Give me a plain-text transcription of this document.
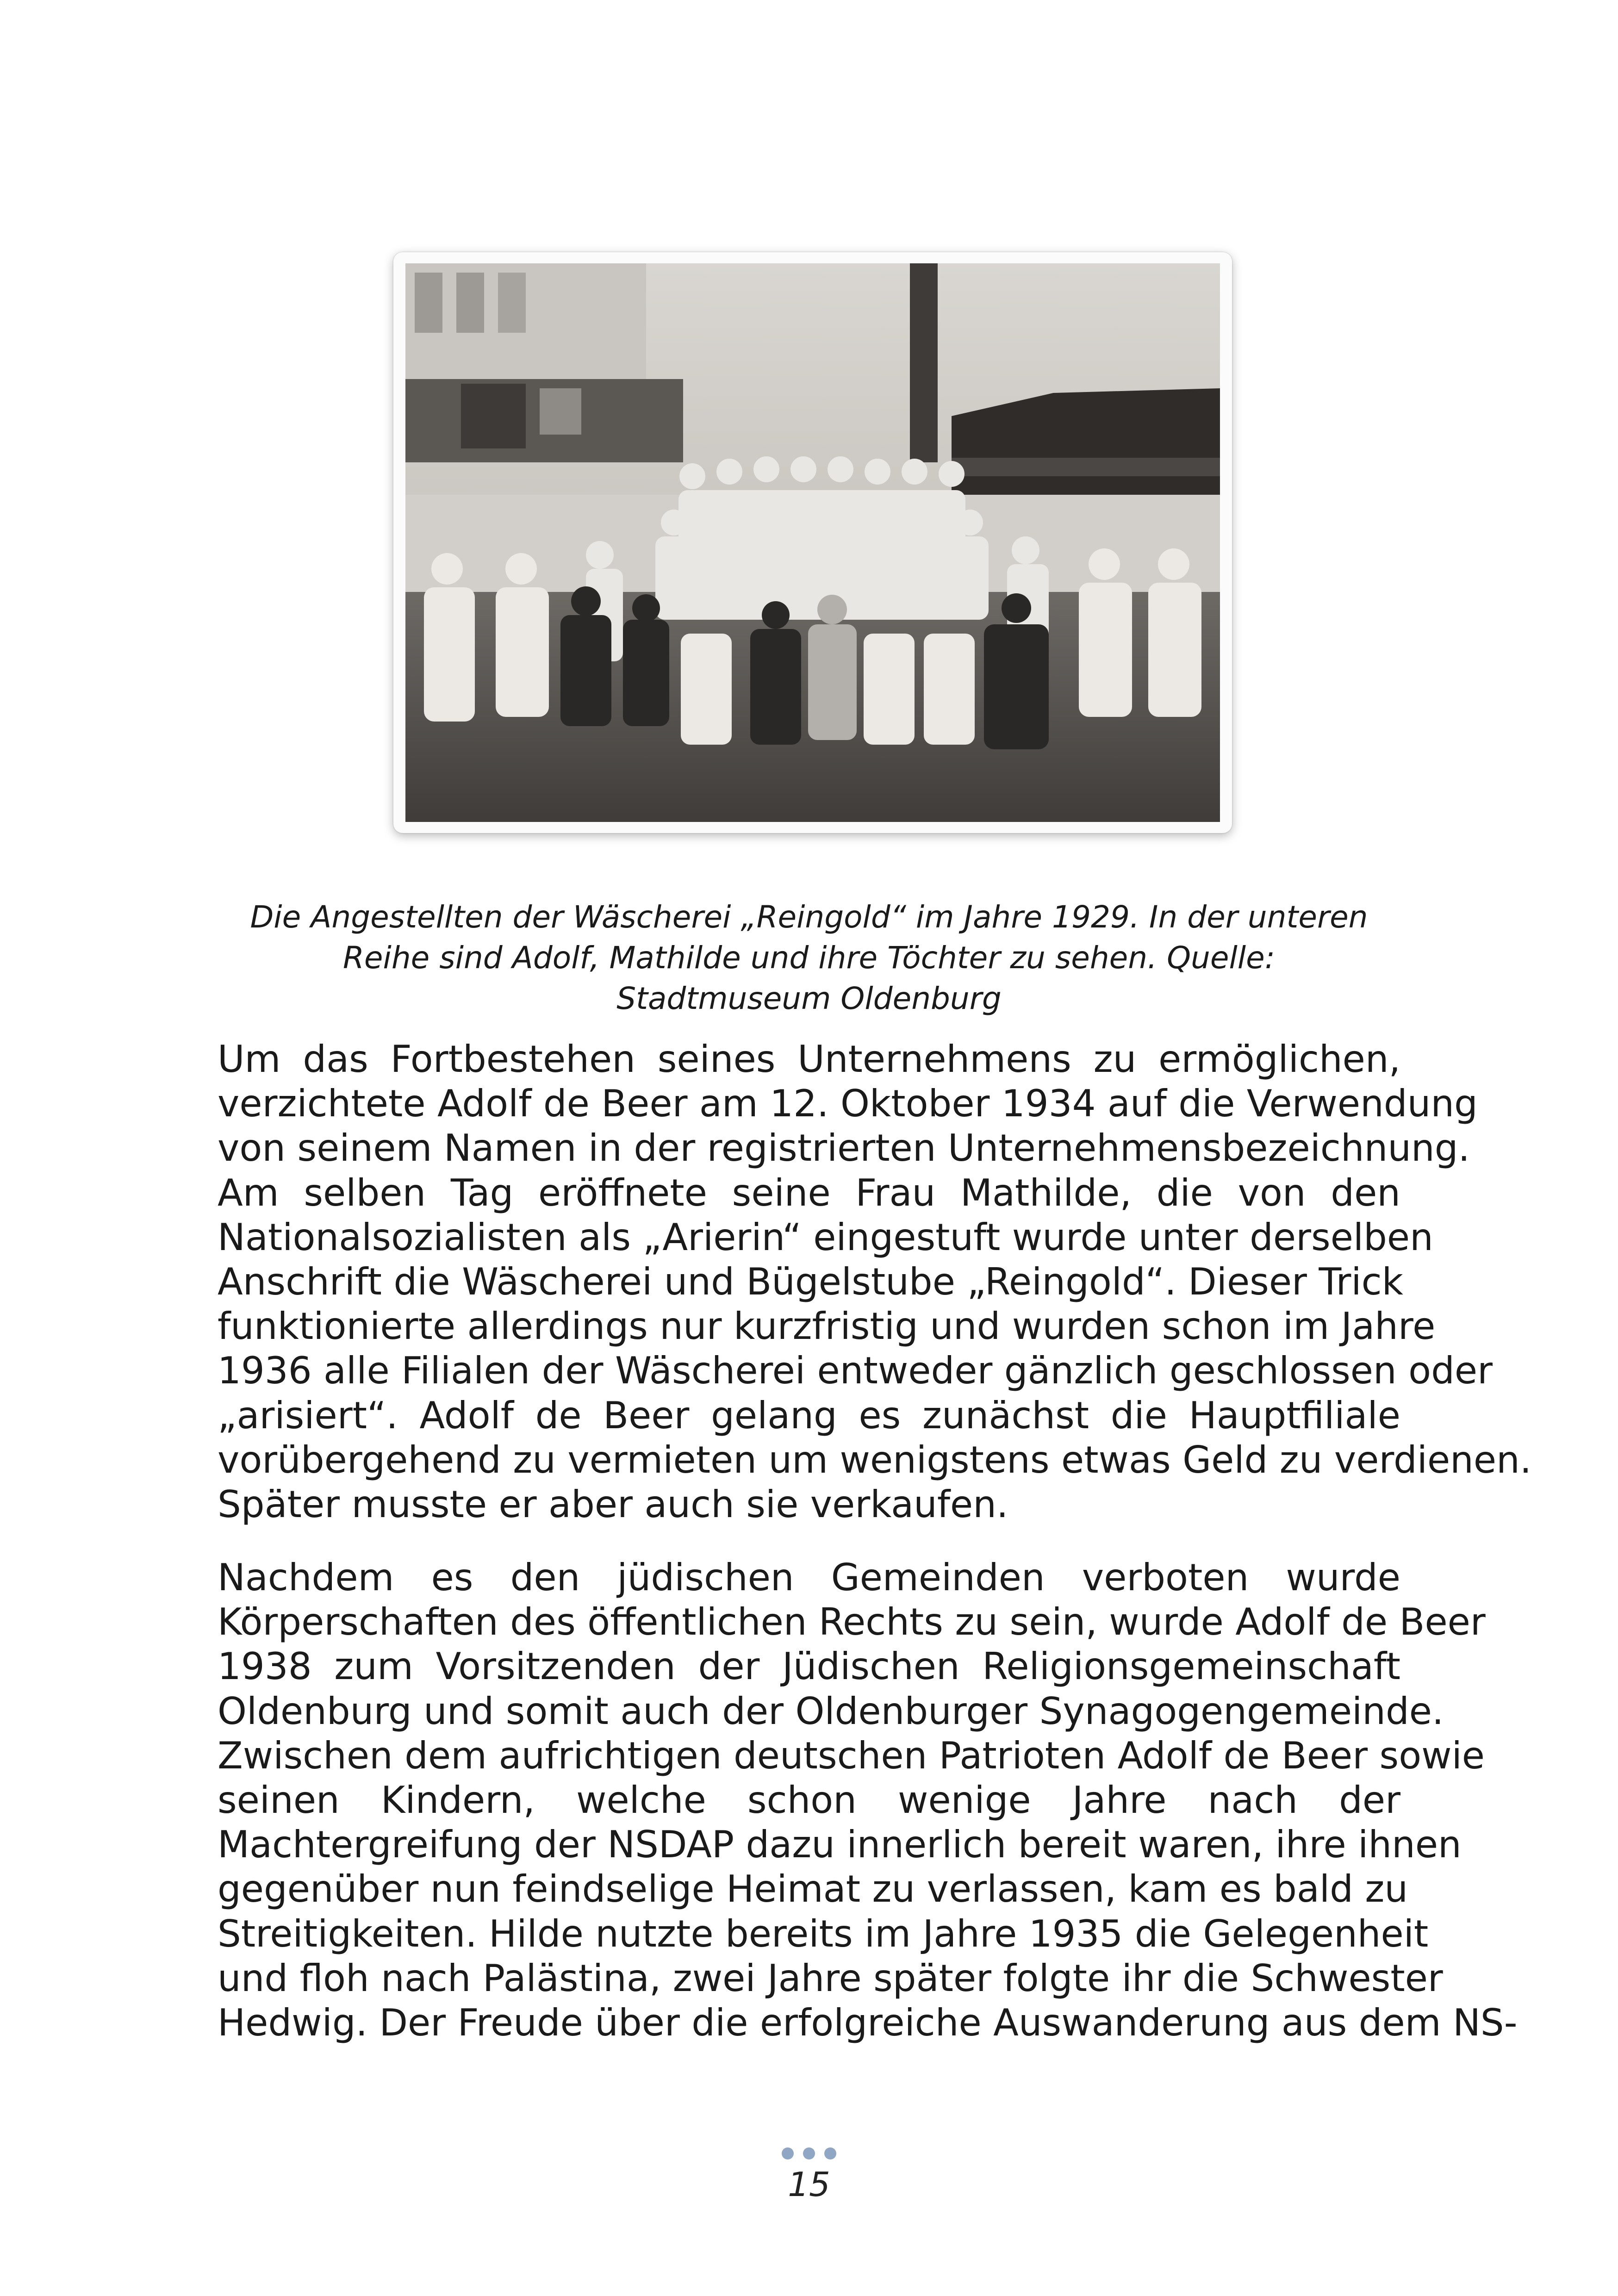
Die Angestellten der Wäscherei „Reingold“ im Jahre 1929. In der unteren
Reihe sind Adolf, Mathilde und ihre Töchter zu sehen. Quelle:
Stadtmuseum Oldenburg
Um das Fortbestehen seines Unternehmens zu ermöglichen,
verzichtete Adolf de Beer am 12. Oktober 1934 auf die Verwendung
von seinem Namen in der registrierten Unternehmensbezeichnung.
Am selben Tag eröffnete seine Frau Mathilde, die von den
Nationalsozialisten als „Arierin“ eingestuft wurde unter derselben
Anschrift die Wäscherei und Bügelstube „Reingold“. Dieser Trick
funktionierte allerdings nur kurzfristig und wurden schon im Jahre
1936 alle Filialen der Wäscherei entweder gänzlich geschlossen oder
„arisiert“. Adolf de Beer gelang es zunächst die Hauptfiliale
vorübergehend zu vermieten um wenigstens etwas Geld zu verdienen.
Später musste er aber auch sie verkaufen.
Nachdem es den jüdischen Gemeinden verboten wurde
Körperschaften des öffentlichen Rechts zu sein, wurde Adolf de Beer
1938 zum Vorsitzenden der Jüdischen Religionsgemeinschaft
Oldenburg und somit auch der Oldenburger Synagogengemeinde.
Zwischen dem aufrichtigen deutschen Patrioten Adolf de Beer sowie
seinen Kindern, welche schon wenige Jahre nach der
Machtergreifung der NSDAP dazu innerlich bereit waren, ihre ihnen
gegenüber nun feindselige Heimat zu verlassen, kam es bald zu
Streitigkeiten. Hilde nutzte bereits im Jahre 1935 die Gelegenheit
und floh nach Palästina, zwei Jahre später folgte ihr die Schwester
Hedwig. Der Freude über die erfolgreiche Auswanderung aus dem NS-
15
